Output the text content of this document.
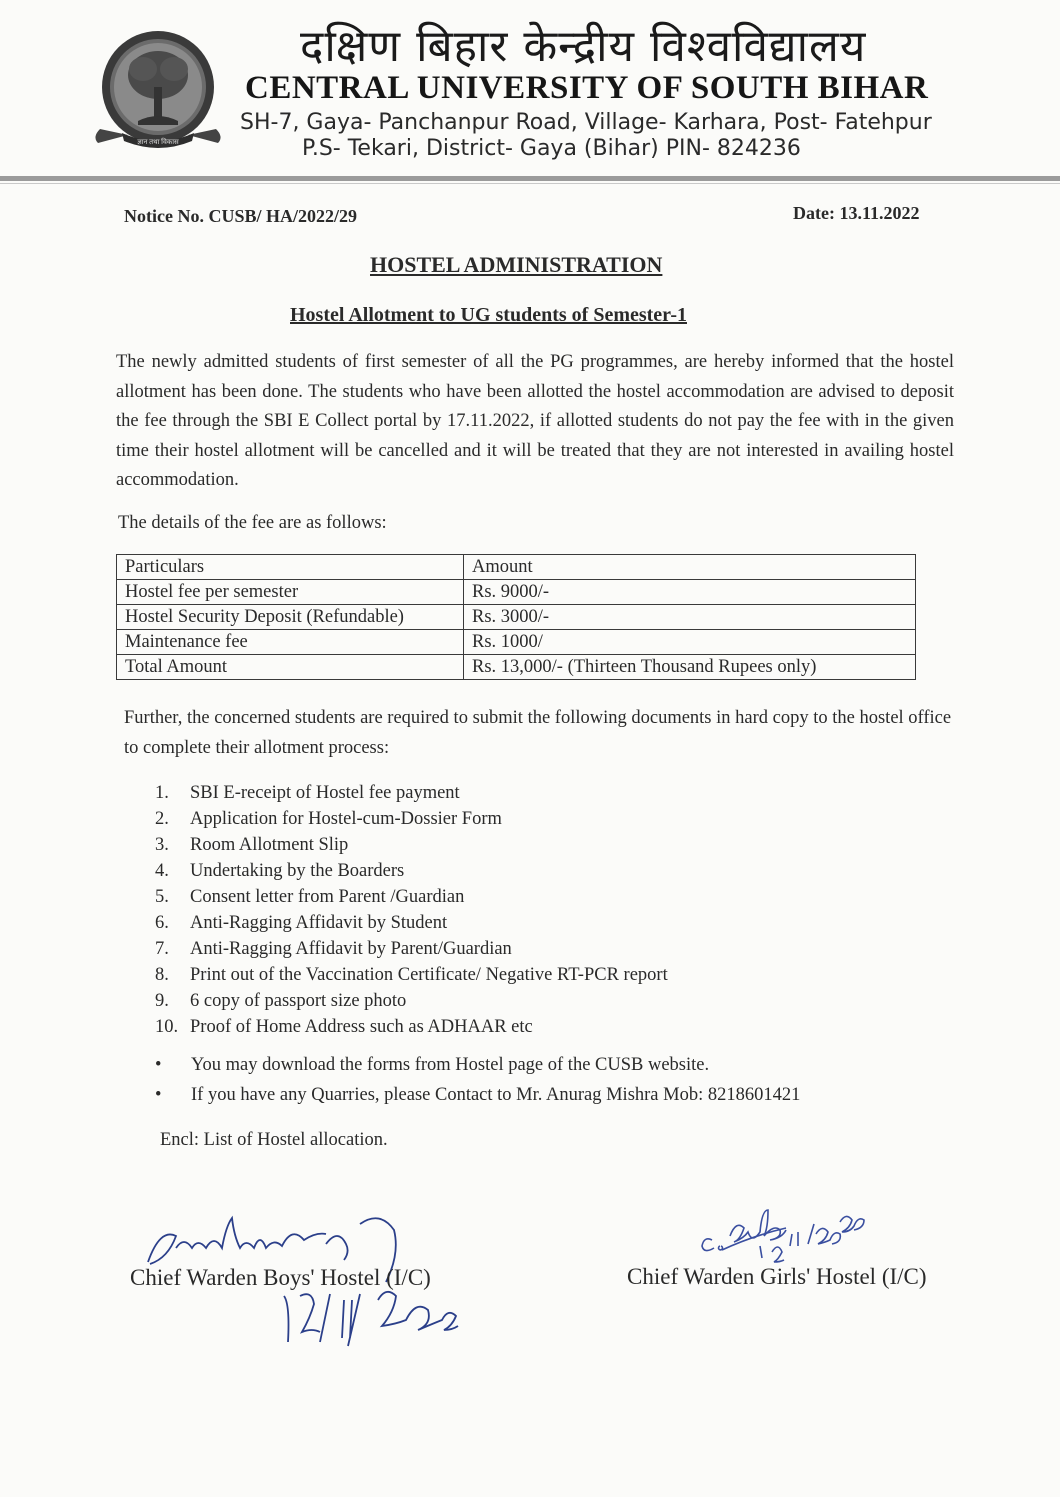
ज्ञान तथा विकास
दक्षिण बिहार केन्द्रीय विश्वविद्यालय
CENTRAL UNIVERSITY OF SOUTH BIHAR
SH-7, Gaya- Panchanpur Road, Village- Karhara, Post- Fatehpur
P.S- Tekari, District- Gaya (Bihar) PIN- 824236
Notice No. CUSB/ HA/2022/29	Date: 13.11.2022
HOSTEL ADMINISTRATION
Hostel Allotment to UG students of Semester-1
The newly admitted students of first semester of all the PG programmes, are hereby informed that the hostel allotment has been done. The students who have been allotted the hostel accommodation are advised to deposit the fee through the SBI E Collect portal by 17.11.2022, if allotted students do not pay the fee with in the given time their hostel allotment will be cancelled and it will be treated that they are not interested in availing hostel accommodation.
The details of the fee are as follows:
Particulars	Amount
Hostel fee per semester	Rs. 9000/-
Hostel Security Deposit (Refundable)	Rs. 3000/-
Maintenance fee	Rs. 1000/
Total Amount	Rs. 13,000/- (Thirteen Thousand Rupees only)
Further, the concerned students are required to submit the following documents in hard copy to the hostel office to complete their allotment process:
1.	SBI E-receipt of Hostel fee payment
2.	Application for Hostel-cum-Dossier Form
3.	Room Allotment Slip
4.	Undertaking by the Boarders
5.	Consent letter from Parent /Guardian
6.	Anti-Ragging Affidavit by Student
7.	Anti-Ragging Affidavit by Parent/Guardian
8.	Print out of the Vaccination Certificate/ Negative RT-PCR report
9.	6 copy of passport size photo
10. Proof of Home Address such as ADHAAR etc
•	You may download the forms from Hostel page of the CUSB website.
•	If you have any Quarries, please Contact to Mr. Anurag Mishra Mob: 8218601421
Encl: List of Hostel allocation.
Chief Warden Boys' Hostel (I/C)	Chief Warden Girls' Hostel (I/C)
